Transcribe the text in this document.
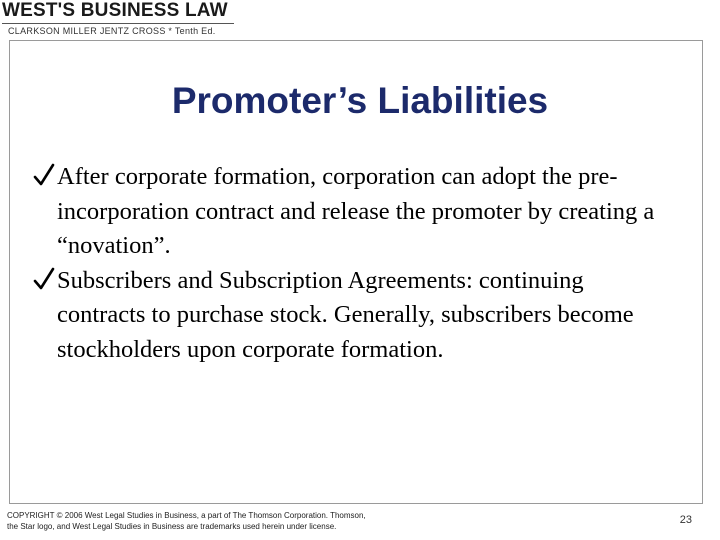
WEST'S BUSINESS LAW
CLARKSON MILLER JENTZ CROSS * Tenth Ed.
Promoter’s Liabilities
After corporate formation, corporation can adopt the pre-incorporation contract and release the promoter by creating a “novation”.
Subscribers and Subscription Agreements: continuing contracts to purchase stock. Generally, subscribers become stockholders upon corporate formation.
COPYRIGHT © 2006 West Legal Studies in Business, a part of The Thomson Corporation. Thomson,
the Star logo, and West Legal Studies in Business are trademarks used herein under license.
23
